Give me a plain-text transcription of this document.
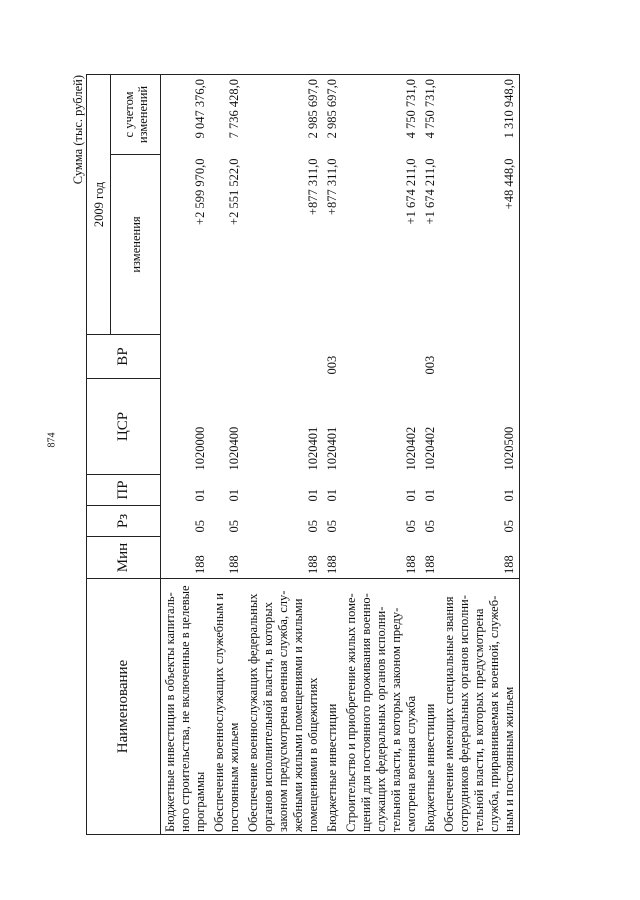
874
Сумма (тыс. рублей)
Наименование	Мин	Рз	ПР	ЦСР	ВР	2009 год	
						изменения	с учетом изменений
Бюджетные инвестиции в объекты капиталь-ного строительства, не включенные в целевые программы	188	05	01	1020000		+2 599 970,0	9 047 376,0
Обеспечение военнослужащих служебным и постоянным жильем	188	05	01	1020400		+2 551 522,0	7 736 428,0
Обеспечение военнослужащих федеральных органов исполнительной власти, в которых законом предусмотрена военная служба, слу-жебными жилыми помещениями и жилыми помещениями в общежитиях	188	05	01	1020401		+877 311,0	2 985 697,0
Бюджетные инвестиции	188	05	01	1020401	003	+877 311,0	2 985 697,0
Строительство и приобретение жилых поме-щений для постоянного проживания военно-служащих федеральных органов исполни-тельной власти, в которых законом преду-смотрена военная служба	188	05	01	1020402		+1 674 211,0	4 750 731,0
Бюджетные инвестиции	188	05	01	1020402	003	+1 674 211,0	4 750 731,0
Обеспечение имеющих специальные звания сотрудников федеральных органов исполни-тельной власти, в которых предусмотрена служба, приравниваемая к военной, служеб-ным и постоянным жильем	188	05	01	1020500		+48 448,0	1 310 948,0
